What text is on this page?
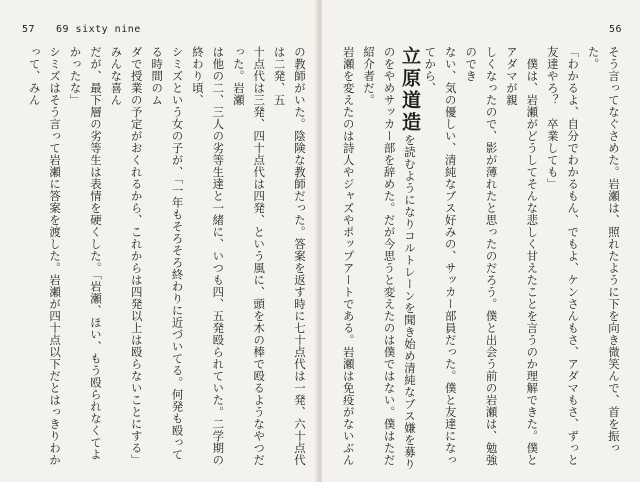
57 69 sixty nine

の教師がいた。陰険な教師だった。答案を返す時に七十点代は一発、六十点代は二発、五

十点代は三発、四十点代は四発、という風に、頭を木の棒で殴るようなやつだった。岩瀬

は他の二、三人の劣等生達と一緒に、いつも四、五発殴られていた。二学期の終わり頃、

シミズという女の子が、「一年もそろそろ終わりに近づいてる。何発も殴ってる時間のム

ダで授業の予定がおくれるから、これからは四発以上は殴らないことにする」みんな喜ん

だが、最下層の劣等生は表情を硬くした。「岩瀬、ほい、もう殴られなくてよかったな」

シミズはそう言って岩瀬に答案を渡した。岩瀬が四十点以下だとはっきりわかって、みん

56

そう言ってなぐさめた。岩瀬は、照れたように下を向き微笑んで、首を振った。

「わかるよ、自分でわかるもん、でもよ、ケンさんもさ、アダマもさ、ずっと友達やろ？　卒業しても」

　僕は、岩瀬がどうしてそんな悲しく甘えたことを言うのか理解できた。僕とアダマが親

しくなったので、影が薄れたと思ったのだろう。僕と出会う前の岩瀬は、勉強のでき

ない、気の優しい、清純なブス好みの、サッカー部員だった。僕と友達になってから、

立原道造を読むようになりコルトレーンを聞き始め清純なブス嫌を募り

のをやめサッカー部を辞めた。だが今思うと変えたのは僕ではない。僕はただ紹介者だ。

岩瀬を変えたのは詩人やジャズやポップアートである。岩瀬は免疫がないぶん
